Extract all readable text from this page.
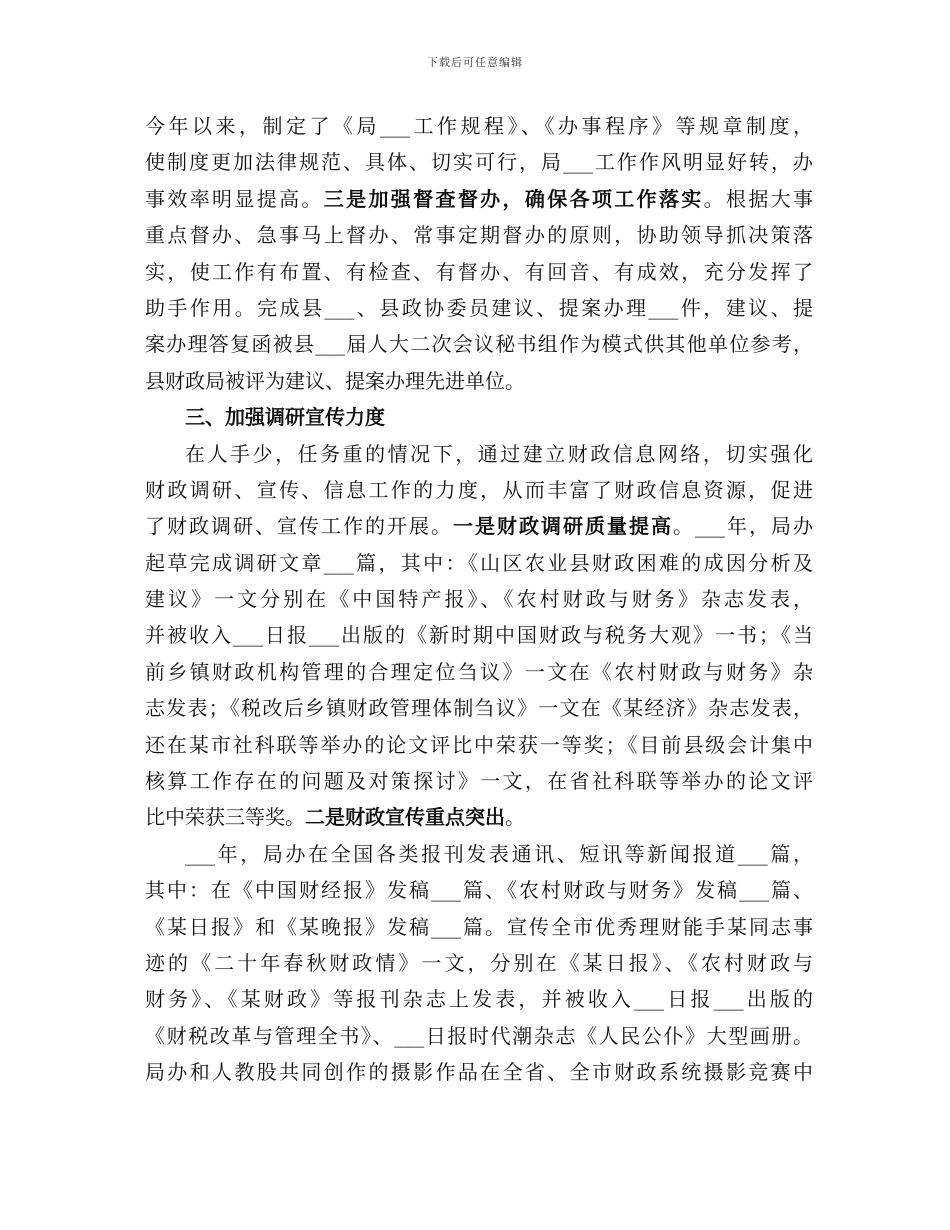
下载后可任意编辑
今年以来，制定了《局___工作规程》、《办事程序》等规章制度，
使制度更加法律规范、具体、切实可行，局___工作作风明显好转，办
事效率明显提高。三是加强督查督办，确保各项工作落实。根据大事
重点督办、急事马上督办、常事定期督办的原则，协助领导抓决策落
实，使工作有布置、有检查、有督办、有回音、有成效，充分发挥了
助手作用。完成县___、县政协委员建议、提案办理___件，建议、提
案办理答复函被县___届人大二次会议秘书组作为模式供其他单位参考，
县财政局被评为建议、提案办理先进单位。
三、加强调研宣传力度
在人手少，任务重的情况下，通过建立财政信息网络，切实强化
财政调研、宣传、信息工作的力度，从而丰富了财政信息资源，促进
了财政调研、宣传工作的开展。一是财政调研质量提高。___年，局办
起草完成调研文章___篇，其中：《山区农业县财政困难的成因分析及
建议》一文分别在《中国特产报》、《农村财政与财务》杂志发表，
并被收入___日报___出版的《新时期中国财政与税务大观》一书；《当
前乡镇财政机构管理的合理定位刍议》一文在《农村财政与财务》杂
志发表；《税改后乡镇财政管理体制刍议》一文在《某经济》杂志发表，
还在某市社科联等举办的论文评比中荣获一等奖；《目前县级会计集中
核算工作存在的问题及对策探讨》一文，在省社科联等举办的论文评
比中荣获三等奖。二是财政宣传重点突出。
___年，局办在全国各类报刊发表通讯、短讯等新闻报道___篇，
其中：在《中国财经报》发稿___篇、《农村财政与财务》发稿___篇、
《某日报》和《某晚报》发稿___篇。宣传全市优秀理财能手某同志事
迹的《二十年春秋财政情》一文，分别在《某日报》、《农村财政与
财务》、《某财政》等报刊杂志上发表，并被收入___日报___出版的
《财税改革与管理全书》、___日报时代潮杂志《人民公仆》大型画册。
局办和人教股共同创作的摄影作品在全省、全市财政系统摄影竞赛中
